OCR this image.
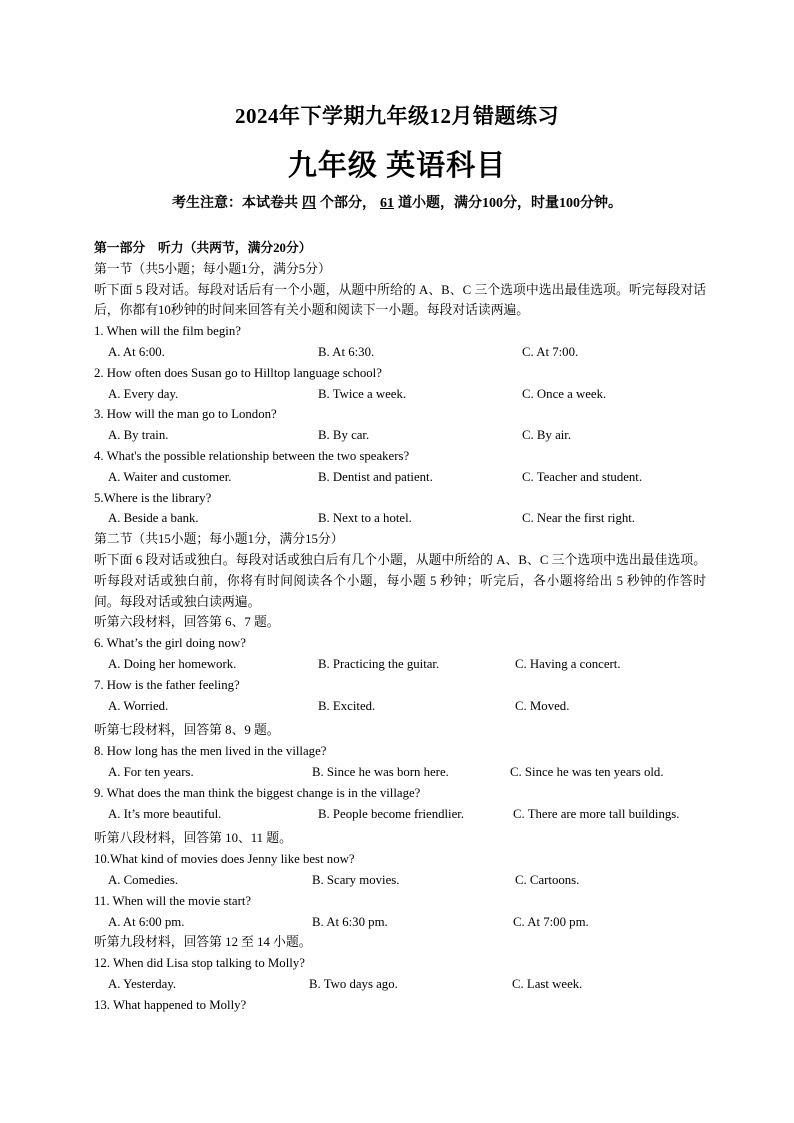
2024年下学期九年级12月错题练习
九年级 英语科目
考生注意：本试卷共 四 个部分， 61 道小题，满分100分，时量100分钟。
第一部分　听力（共两节，满分20分）
第一节（共5小题；每小题1分，满分5分）
听下面 5 段对话。每段对话后有一个小题，从题中所给的 A、B、C 三个选项中选出最佳选项。听完每段对话后，你都有10秒钟的时间来回答有关小题和阅读下一小题。每段对话读两遍。
1. When will the film begin?
A. At 6:00.	B. At 6:30.	C. At 7:00.
2. How often does Susan go to Hilltop language school?
A. Every day.	B. Twice a week.	C. Once a week.
3. How will the man go to London?
A. By train.	B. By car.	C. By air.
4. What's the possible relationship between the two speakers?
A. Waiter and customer.	B. Dentist and patient.	C. Teacher and student.
5.Where is the library?
A. Beside a bank.	B. Next to a hotel.	C. Near the first right.
第二节（共15小题；每小题1分，满分15分）
听下面 6 段对话或独白。每段对话或独白后有几个小题，从题中所给的 A、B、C 三个选项中选出最佳选项。听每段对话或独白前，你将有时间阅读各个小题，每小题 5 秒钟；听完后，各小题将给出 5 秒钟的作答时间。每段对话或独白读两遍。
听第六段材料，回答第 6、7 题。
6. What’s the girl doing now?
A. Doing her homework.	B. Practicing the guitar.	C. Having a concert.
7. How is the father feeling?
A. Worried.	B. Excited.	C. Moved.
听第七段材料，回答第 8、9 题。
8. How long has the men lived in the village?
A. For ten years.	B. Since he was born here.	C. Since he was ten years old.
9. What does the man think the biggest change is in the village?
A. It’s more beautiful.	B. People become friendlier.	C. There are more tall buildings.
听第八段材料，回答第 10、11 题。
10.What kind of movies does Jenny like best now?
A. Comedies.	B. Scary movies.	C. Cartoons.
11. When will the movie start?
A. At 6:00 pm.	B. At 6:30 pm.	C. At 7:00 pm.
听第九段材料，回答第 12 至 14 小题。
12. When did Lisa stop talking to Molly?
A. Yesterday.	B. Two days ago.	C. Last week.
13. What happened to Molly?
